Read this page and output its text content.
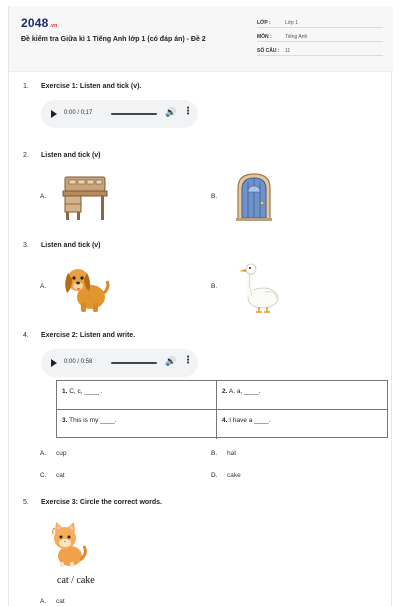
2048.vn
Đề kiểm tra Giữa kì 1 Tiếng Anh lớp 1 (có đáp án) - Đề 2
LỚP :	Lớp 1
MÔN :	Tiếng Anh
SỐ CÂU : 11
1. Exercise 1: Listen and tick (v).
0:00 / 0:17	🔊 ⋮
2. Listen and tick (v)
A.	B.
3. Listen and tick (v)
A.	B.
4. Exercise 2: Listen and write.
0:00 / 0:58	🔊 ⋮
1. C, c, ____ .	2. A, a, ____.
3. This is my ____.	4. I have a ____.
A. cup	B. hat
C. cat	D. cake
5. Exercise 3: Circle the correct words.
cat / cake
A. cat
